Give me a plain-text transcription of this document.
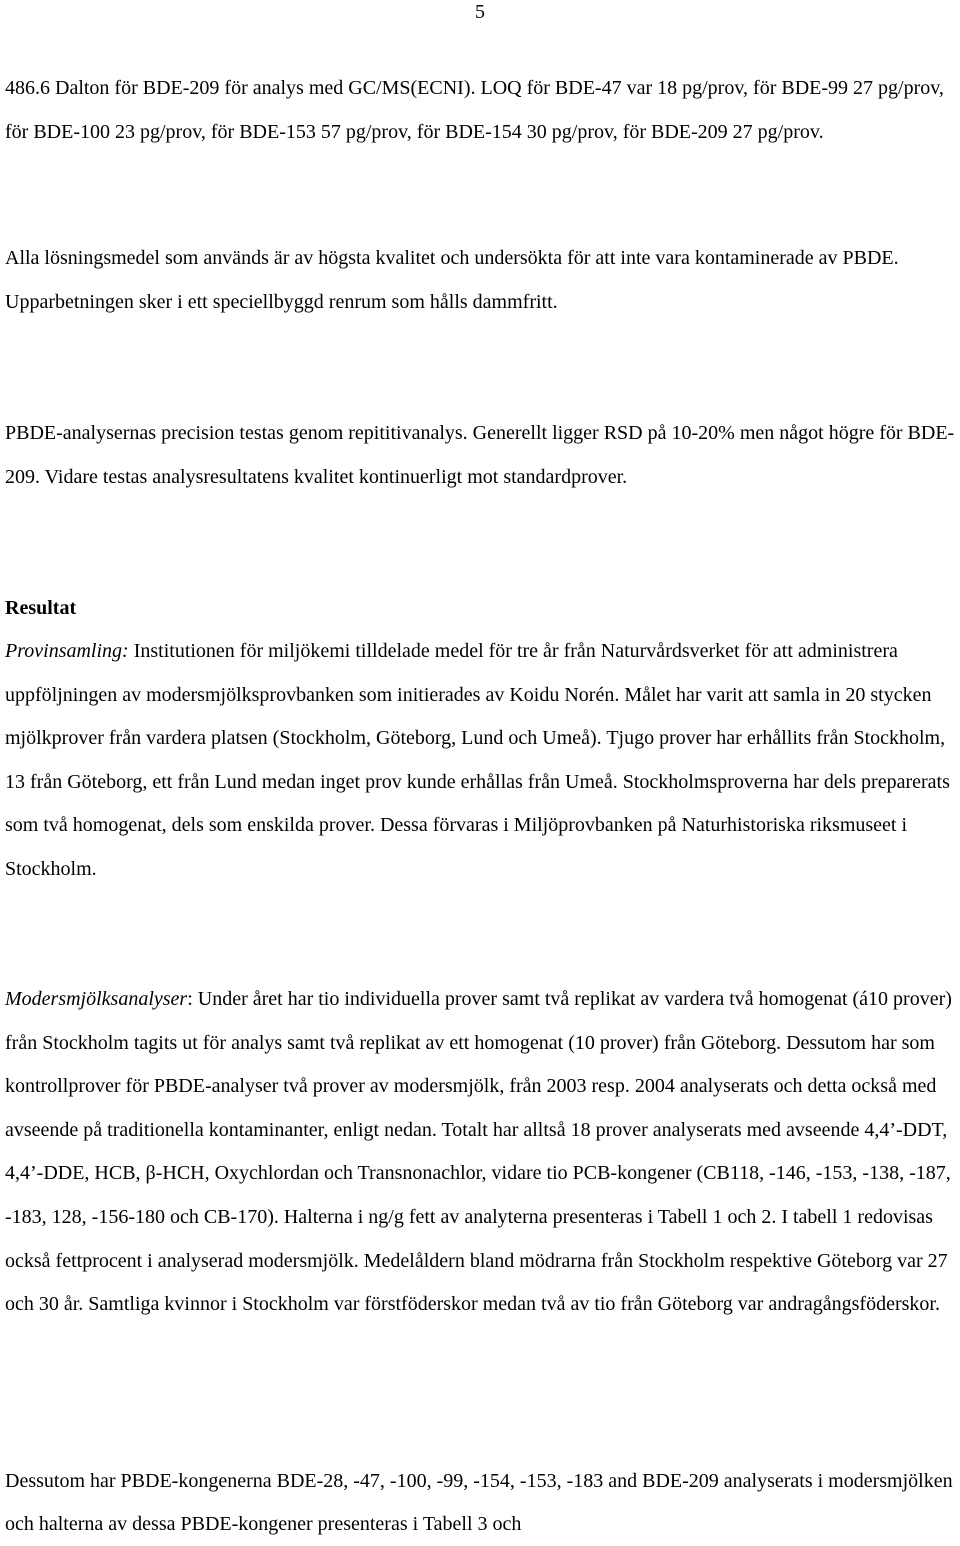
5

486.6 Dalton för BDE-209 för analys med GC/MS(ECNI). LOQ för BDE-47 var 18 pg/prov, för BDE-99 27 pg/prov, för BDE-100 23 pg/prov, för BDE-153 57 pg/prov, för BDE-154 30 pg/prov, för BDE-209 27 pg/prov.

Alla lösningsmedel som används är av högsta kvalitet och undersökta för att inte vara kontaminerade av PBDE. Upparbetningen sker i ett speciellbyggd renrum som hålls dammfritt.

PBDE-analysernas precision testas genom repititivanalys. Generellt ligger RSD på 10-20% men något högre för BDE-209. Vidare testas analysresultatens kvalitet kontinuerligt mot standardprover.

Resultat

Provinsamling: Institutionen för miljökemi tilldelade medel för tre år från Naturvårdsverket för att administrera uppföljningen av modersmjölksprovbanken som initierades av Koidu Norén. Målet har varit att samla in 20 stycken mjölkprover från vardera platsen (Stockholm, Göteborg, Lund och Umeå). Tjugo prover har erhållits från Stockholm, 13 från Göteborg, ett från Lund medan inget prov kunde erhållas från Umeå. Stockholmsproverna har dels preparerats som två homogenat, dels som enskilda prover. Dessa förvaras i Miljöprovbanken på Naturhistoriska riksmuseet i Stockholm.

Modersmjölksanalyser: Under året har tio individuella prover samt två replikat av vardera två homogenat (á10 prover) från Stockholm tagits ut för analys samt två replikat av ett homogenat (10 prover) från Göteborg. Dessutom har som kontrollprover för PBDE-analyser två prover av modersmjölk, från 2003 resp. 2004 analyserats och detta också med avseende på traditionella kontaminanter, enligt nedan. Totalt har alltså 18 prover analyserats med avseende 4,4’-DDT, 4,4’-DDE, HCB, β-HCH, Oxychlordan och Transnonachlor, vidare tio PCB-kongener (CB118, -146, -153, -138, -187, -183, 128, -156-180 och CB-170). Halterna i ng/g fett av analyterna presenteras i Tabell 1 och 2. I tabell 1 redovisas också fettprocent i analyserad modersmjölk. Medelåldern bland mödrarna från Stockholm respektive Göteborg var 27 och 30 år. Samtliga kvinnor i Stockholm var förstföderskor medan två av tio från Göteborg var andragångsföderskor.

Dessutom har PBDE-kongenerna BDE-28, -47, -100, -99, -154, -153, -183 and BDE-209 analyserats i modersmjölken och halterna av dessa PBDE-kongener presenteras i Tabell 3 och
